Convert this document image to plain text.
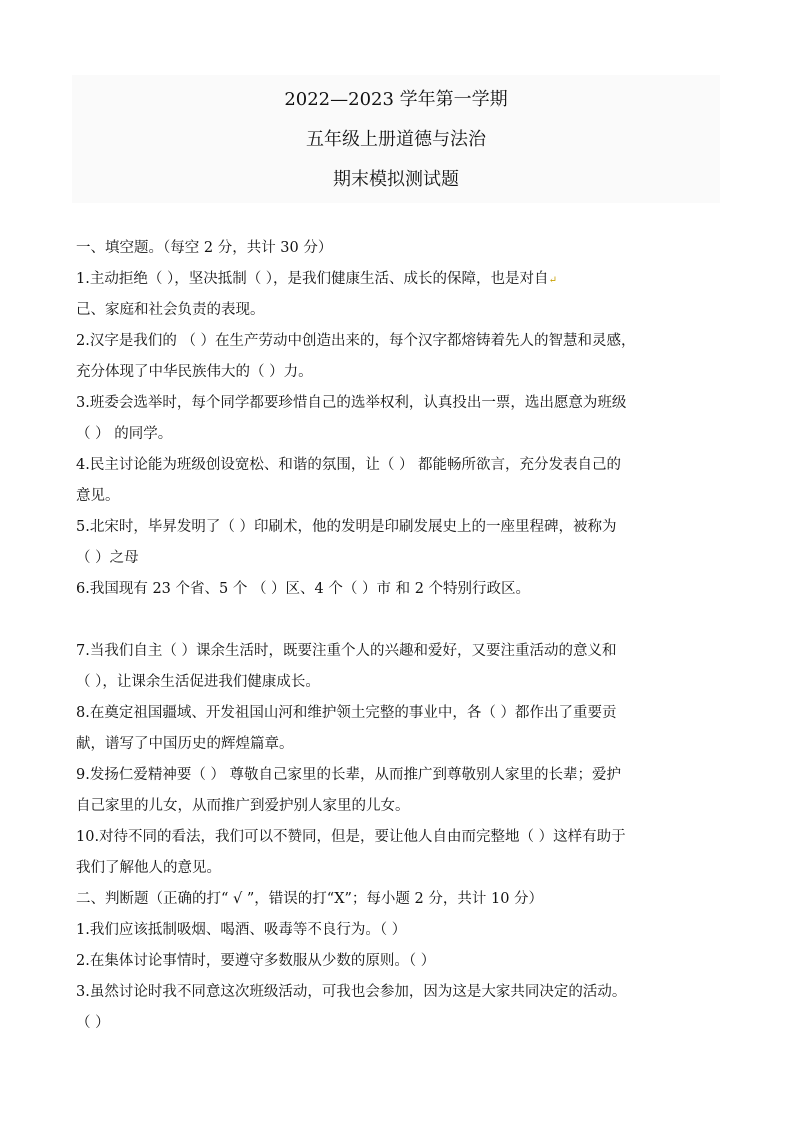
2022—2023 学年第一学期
五年级上册道德与法治
期末模拟测试题
一、填空题。（每空 2 分，共计 30 分）
1.主动拒绝（ ），坚决抵制（ ），是我们健康生活、成长的保障，也是对自↵
己、家庭和社会负责的表现。
2.汉字是我们的 （ ）在生产劳动中创造出来的，每个汉字都熔铸着先人的智慧和灵感，
充分体现了中华民族伟大的（ ）力。
3.班委会选举时，每个同学都要珍惜自己的选举权利，认真投出一票，选出愿意为班级
（ ） 的同学。
4.民主讨论能为班级创设宽松、和谐的氛围，让（ ） 都能畅所欲言，充分发表自己的
意见。
5.北宋时，毕昇发明了（ ）印刷术，他的发明是印刷发展史上的一座里程碑，被称为
（ ）之母
6.我国现有 23 个省、5 个 （ ）区、4 个（ ）市 和 2 个特别行政区。
7.当我们自主（ ）课余生活时，既要注重个人的兴趣和爱好，又要注重活动的意义和
（ ），让课余生活促进我们健康成长。
8.在奠定祖国疆域、开发祖国山河和维护领土完整的事业中，各（ ）都作出了重要贡
献，谱写了中国历史的辉煌篇章。
9.发扬仁爱精神要（ ） 尊敬自己家里的长辈，从而推广到尊敬别人家里的长辈；爱护
自己家里的儿女，从而推广到爱护别人家里的儿女。
10.对待不同的看法，我们可以不赞同，但是，要让他人自由而完整地（ ）这样有助于
我们了解他人的意见。
二、判断题（正确的打“ √ ”，错误的打“X”；每小题 2 分，共计 10 分）
1.我们应该抵制吸烟、喝酒、吸毒等不良行为。（ ）
2.在集体讨论事情时，要遵守多数服从少数的原则。（ ）
3.虽然讨论时我不同意这次班级活动，可我也会参加，因为这是大家共同决定的活动。
（ ）
